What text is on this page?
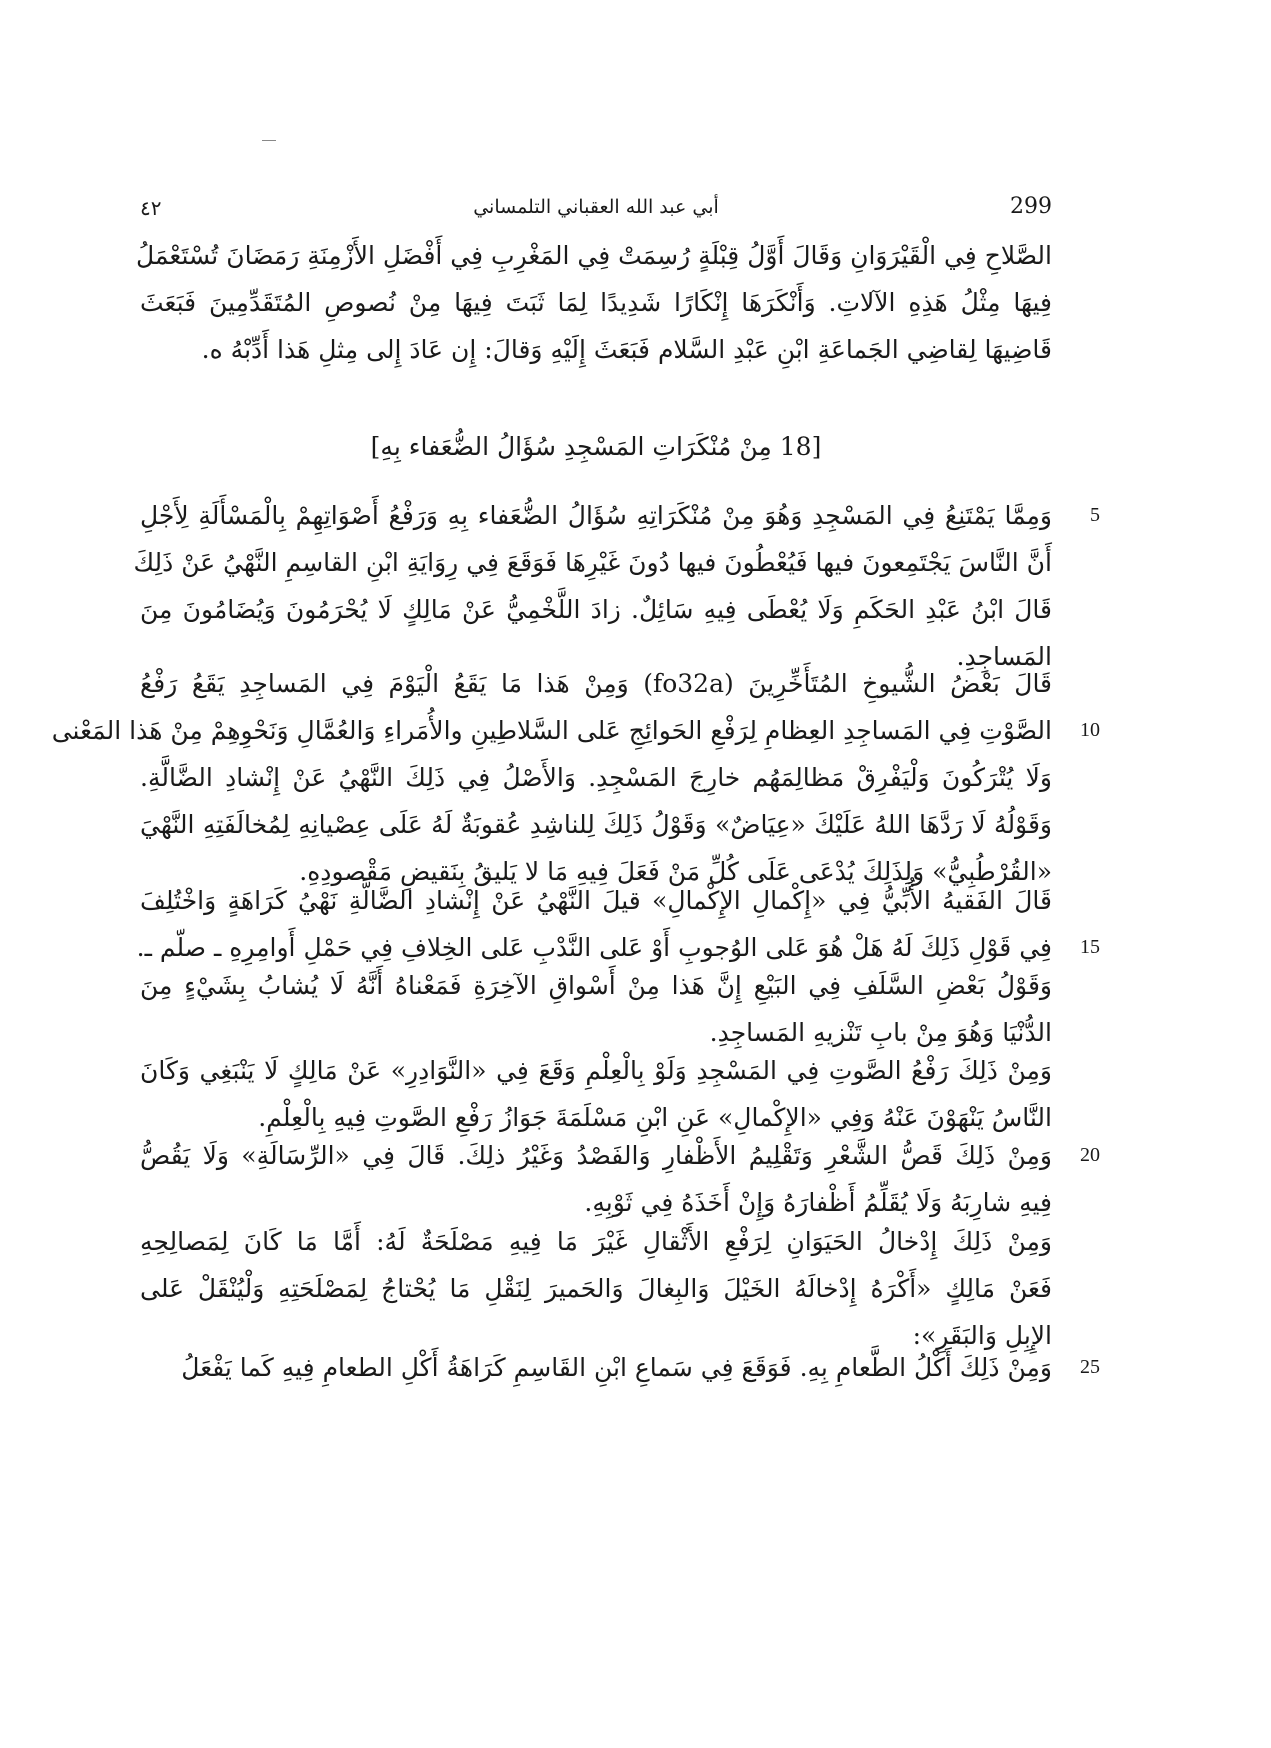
٤٢	أبي عبد الله العقباني التلمساني	299
الصَّلاحِ فِي الْقَيْرَوَانِ وَقَالَ أَوَّلُ قِبْلَةٍ رُسِمَتْ فِي المَغْرِبِ فِي أَفْضَلِ الأَزْمِنَةِ رَمَضَانَ تُسْتَعْمَلُ
فِيهَا مِثْلُ هَذِهِ الآلاتِ. وَأَنْكَرَهَا إِنْكَارًا شَدِيدًا لِمَا ثَبَتَ فِيهَا مِنْ نُصوصِ المُتَقَدِّمِينَ فَبَعَثَ
قَاضِيهَا لِقاضِي الجَماعَةِ ابْنِ عَبْدِ السَّلام فَبَعَثَ إِلَيْهِ وَقالَ: إِن عَادَ إِلى مِثلِ هَذا أَدِّبْهُ ه.
[18 مِنْ مُنْكَرَاتِ المَسْجِدِ سُؤَالُ الضُّعَفاء بِهِ]
5
وَمِمَّا يَمْتَنِعُ فِي المَسْجِدِ وَهُوَ مِنْ مُنْكَرَاتِهِ سُؤَالُ الضُّعَفاء بِهِ وَرَفْعُ أَصْوَاتِهِمْ بِالْمَسْأَلَةِ لِأَجْلِ
أَنَّ النَّاسَ يَجْتَمِعونَ فيها فَيُعْطُونَ فيها دُونَ غَيْرِهَا فَوَقَعَ فِي رِوَايَةِ ابْنِ القاسِمِ النَّهْيُ عَنْ ذَلِكَ
قَالَ ابْنُ عَبْدِ الحَكَمِ وَلَا يُعْطَى فِيهِ سَائِلٌ. زادَ اللَّخْمِيُّ عَنْ مَالِكٍ لَا يُحْرَمُونَ وَيُضَامُونَ مِنَ
المَساجِدِ.
قَالَ بَعْضُ الشُّيوخِ المُتَأَخِّرِينَ (fo32a) وَمِنْ هَذا مَا يَقَعُ الْيَوْمَ فِي المَساجِدِ يَقَعُ رَفْعُ
10
الصَّوْتِ فِي المَساجِدِ العِظامِ لِرَفْعِ الحَوائِجِ عَلى السَّلاطِينِ والأُمَراءِ وَالعُمَّالِ وَنَحْوِهِمْ مِنْ هَذا المَعْنى
وَلَا يُتْرَكُونَ وَلْيَفْرِقْ مَظالِمَهُم خارِجَ المَسْجِدِ. وَالأَصْلُ فِي ذَلِكَ النَّهْيُ عَنْ إِنْشادِ الضَّالَّةِ.
وَقَوْلُهُ لَا رَدَّهَا اللهُ عَلَيْكَ «عِيَاضٌ» وَقَوْلُ ذَلِكَ لِلناشِدِ عُقوبَةٌ لَهُ عَلَى عِصْيانِهِ لِمُخالَفَتِهِ النَّهْيَ
«القُرْطُبِيُّ» وَلِذَلِكَ يُدْعَى عَلَى كُلِّ مَنْ فَعَلَ فِيهِ مَا لا يَليقُ بِنَقيضِ مَقْصودِهِ.
قَالَ الفَقيهُ الأُبِّيُّ فِي «إِكْمالِ الإِكْمالِ» قيلَ النَّهْيُ عَنْ إِنْشادِ الضَّالَّةِ نَهْيُ كَرَاهَةٍ وَاخْتُلِفَ
15
فِي قَوْلِ ذَلِكَ لَهُ هَلْ هُوَ عَلى الوُجوبِ أَوْ عَلى النَّدْبِ عَلى الخِلافِ فِي حَمْلِ أَوامِرِهِ ـ صلّم ـ.
وَقَوْلُ بَعْضِ السَّلَفِ فِي البَيْعِ إِنَّ هَذا مِنْ أَسْواقِ الآخِرَةِ فَمَعْناهُ أَنَّهُ لَا يُشابُ بِشَيْءٍ مِنَ
الدُّنْيَا وَهُوَ مِنْ بابِ تَنْزيهِ المَساجِدِ.
وَمِنْ ذَلِكَ رَفْعُ الصَّوتِ فِي المَسْجِدِ وَلَوْ بِالْعِلْمِ وَقَعَ فِي «النَّوَادِرِ» عَنْ مَالِكٍ لَا يَنْبَغِي وَكَانَ
النَّاسُ يَنْهَوْنَ عَنْهُ وَفِي «الإِكْمالِ» عَنِ ابْنِ مَسْلَمَةَ جَوَازُ رَفْعِ الصَّوتِ فِيهِ بِالْعِلْمِ.
20
وَمِنْ ذَلِكَ قَصُّ الشَّعْرِ وَتَقْلِيمُ الأَظْفارِ وَالفَصْدُ وَغَيْرُ ذلِكَ. قَالَ فِي «الرِّسَالَةِ» وَلَا يَقُصُّ
فِيهِ شارِبَهُ وَلَا يُقَلِّمُ أَظْفارَهُ وَإِنْ أَخَذَهُ فِي ثَوْبِهِ.
وَمِنْ ذَلِكَ إِدْخالُ الحَيَوَانِ لِرَفْعِ الأَثْقالِ غَيْرَ مَا فِيهِ مَصْلَحَةٌ لَهُ: أَمَّا مَا كَانَ لِمَصالِحِهِ
فَعَنْ مَالِكٍ «أَكْرَهُ إِدْخالَهُ الخَيْلَ وَالبِغالَ وَالحَميرَ لِنَقْلِ مَا يُحْتاجُ لِمَصْلَحَتِهِ وَلْيُنْقَلْ عَلى
الإِبِلِ وَالبَقَرِ»:
25
وَمِنْ ذَلِكَ أَكْلُ الطَّعامِ بِهِ. فَوَقَعَ فِي سَماعِ ابْنِ القَاسِمِ كَرَاهَةُ أَكْلِ الطعامِ فِيهِ كَما يَفْعَلُ
